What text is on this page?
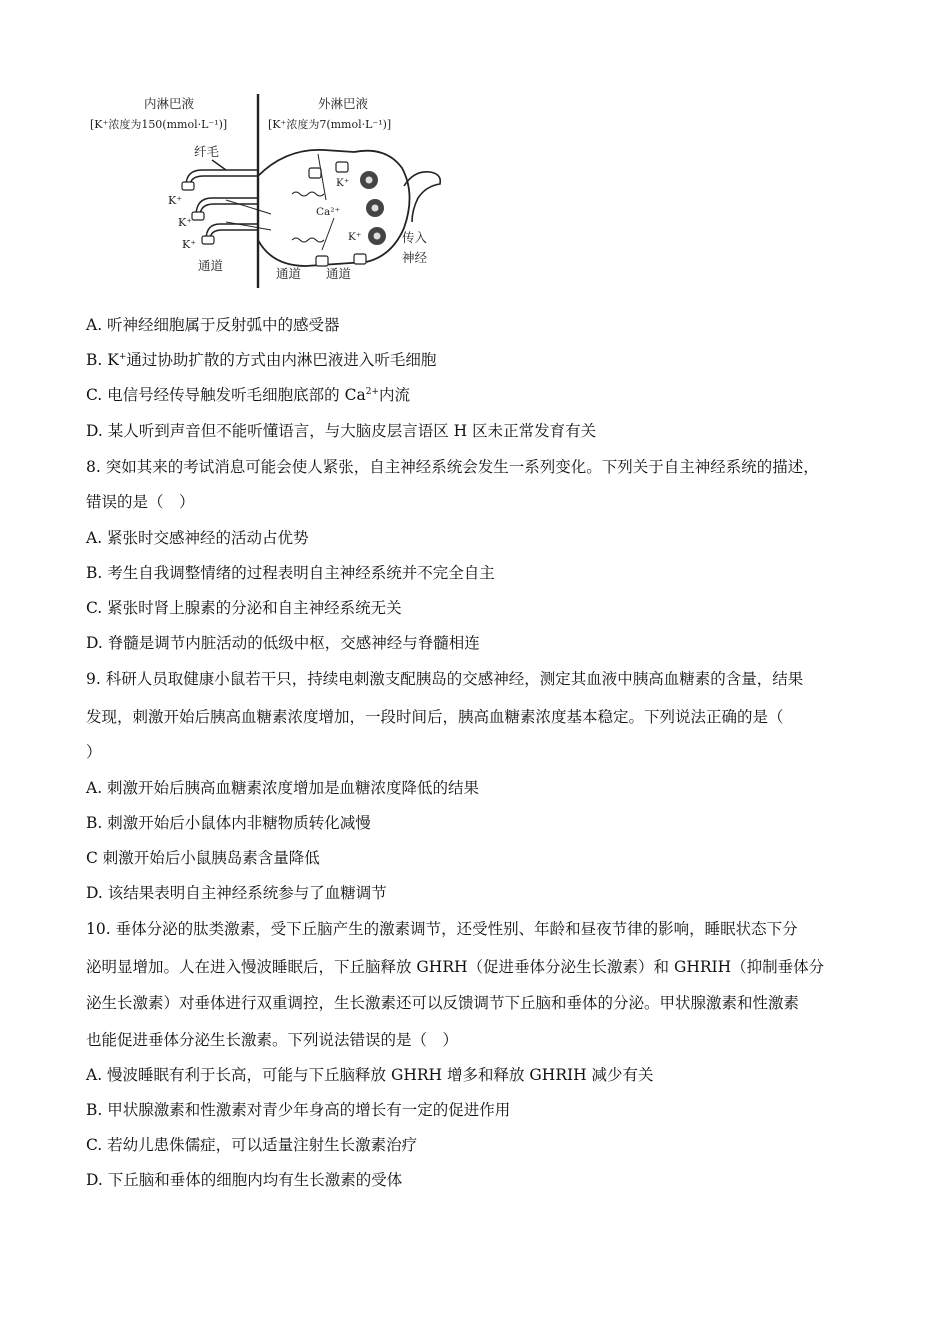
内淋巴液
[K⁺浓度为150(mmol·L⁻¹)]
外淋巴液
[K⁺浓度为7(mmol·L⁻¹)]
纤毛
K⁺
K⁺
K⁺
K⁺
K⁺
Ca²⁺
传入
神经
通道
通道 通道
A. 听神经细胞属于反射弧中的感受器
B. K+通过协助扩散的方式由内淋巴液进入听毛细胞
C. 电信号经传导触发听毛细胞底部的 $Ca^{2+}$内流
D. 某人听到声音但不能听懂语言，与大脑皮层言语区 H 区未正常发育有关
8. 突如其来的考试消息可能会使人紧张，自主神经系统会发生一系列变化。下列关于自主神经系统的描述，
错误的是（　）
A. 紧张时交感神经的活动占优势
B. 考生自我调整情绪的过程表明自主神经系统并不完全自主
C. 紧张时肾上腺素的分泌和自主神经系统无关
D. 脊髓是调节内脏活动的低级中枢，交感神经与脊髓相连
9. 科研人员取健康小鼠若干只，持续电刺激支配胰岛的交感神经，测定其血液中胰高血糖素的含量，结果
发现，刺激开始后胰高血糖素浓度增加，一段时间后，胰高血糖素浓度基本稳定。下列说法正确的是（
）
A. 刺激开始后胰高血糖素浓度增加是血糖浓度降低的结果
B. 刺激开始后小鼠体内非糖物质转化减慢
C 刺激开始后小鼠胰岛素含量降低
D. 该结果表明自主神经系统参与了血糖调节
10. 垂体分泌的肽类激素，受下丘脑产生的激素调节，还受性别、年龄和昼夜节律的影响，睡眠状态下分
泌明显增加。人在进入慢波睡眠后，下丘脑释放 GHRH（促进垂体分泌生长激素）和 GHRIH（抑制垂体分
泌生长激素）对垂体进行双重调控，生长激素还可以反馈调节下丘脑和垂体的分泌。甲状腺激素和性激素
也能促进垂体分泌生长激素。下列说法错误的是（　）
A. 慢波睡眠有利于长高，可能与下丘脑释放 GHRH 增多和释放 GHRIH 减少有关
B. 甲状腺激素和性激素对青少年身高的增长有一定的促进作用
C. 若幼儿患侏儒症，可以适量注射生长激素治疗
D. 下丘脑和垂体的细胞内均有生长激素的受体
